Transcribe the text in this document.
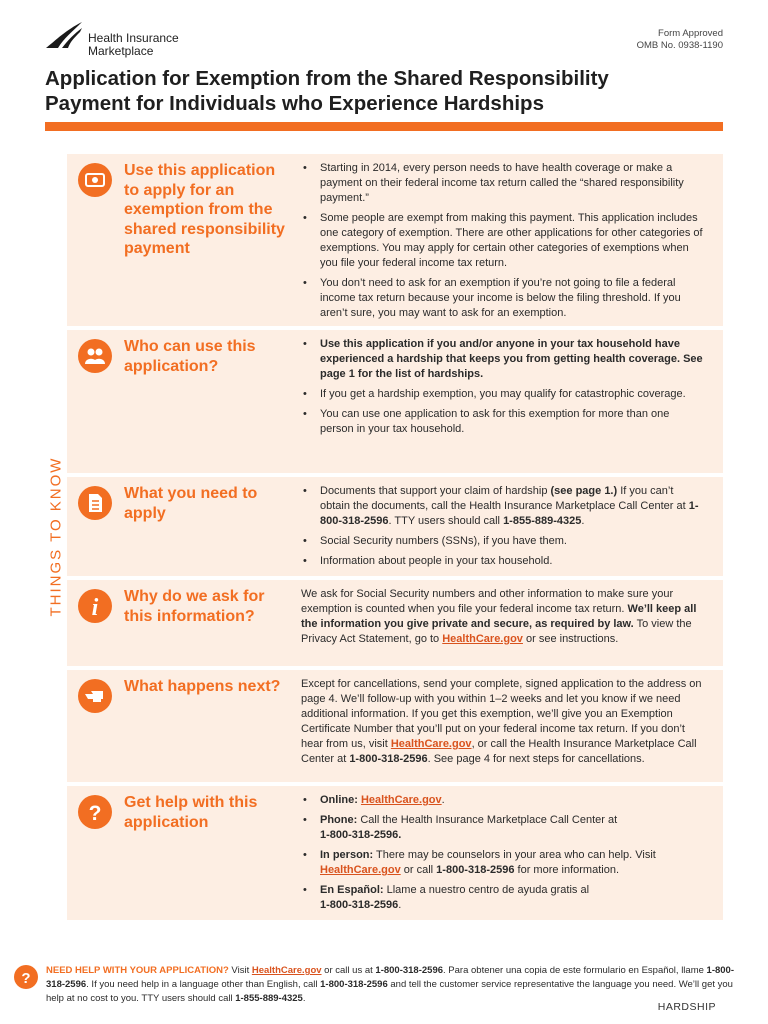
Health Insurance
Marketplace
Form Approved
OMB No. 0938-1190
Application for Exemption from the Shared Responsibility
Payment for Individuals who Experience Hardships
THINGS TO KNOW
Use this application to apply for an exemption from the shared responsibility payment
• Starting in 2014, every person needs to have health coverage or make a payment on their federal income tax return called the “shared responsibility payment.”
• Some people are exempt from making this payment. This application includes one category of exemption. There are other applications for other categories of exemptions. You may apply for certain other categories of exemptions when you file your federal income tax return.
• You don’t need to ask for an exemption if you’re not going to file a federal income tax return because your income is below the filing threshold. If you aren’t sure, you may want to ask for an exemption.
Who can use this application?
• Use this application if you and/or anyone in your tax household have experienced a hardship that keeps you from getting health coverage. See page 1 for the list of hardships.
• If you get a hardship exemption, you may qualify for catastrophic coverage.
• You can use one application to ask for this exemption for more than one person in your tax household.
What you need to apply
• Documents that support your claim of hardship (see page 1.) If you can’t obtain the documents, call the Health Insurance Marketplace Call Center at 1-800-318-2596. TTY users should call 1-855-889-4325.
• Social Security numbers (SSNs), if you have them.
• Information about people in your tax household.
i Why do we ask for this information?

We ask for Social Security numbers and other information to make sure your exemption is counted when you file your federal income tax return. We’ll keep all the information you give private and secure, as required by law. To view the Privacy Act Statement, go to HealthCare.gov or see instructions.

What happens next?	Except for cancellations, send your complete, signed application to the address on page 4. We’ll follow-up with you within 1–2 weeks and let you know if we need additional information. If you get this exemption, we’ll give you an Exemption Certificate Number that you’ll put on your federal income tax return. If you don’t hear from us, visit HealthCare.gov, or call the Health Insurance Marketplace Call Center at 1-800-318-2596. See page 4 for next steps for cancellations.

? Get help with this application
• Online: HealthCare.gov.
• Phone: Call the Health Insurance Marketplace Call Center at
1-800-318-2596.
• In person: There may be counselors in your area who can help. Visit HealthCare.gov or call 1-800-318-2596 for more information.
• En Español: Llame a nuestro centro de ayuda gratis al
1-800-318-2596.
? NEED HELP WITH YOUR APPLICATION? Visit HealthCare.gov or call us at 1-800-318-2596. Para obtener una copia de este formulario en Español, llame 1-800-318-2596. If you need help in a language other than English, call 1-800-318-2596 and tell the customer service representative the language you need. We’ll get you help at no cost to you. TTY users should call 1-855-889-4325.
HARDSHIP
